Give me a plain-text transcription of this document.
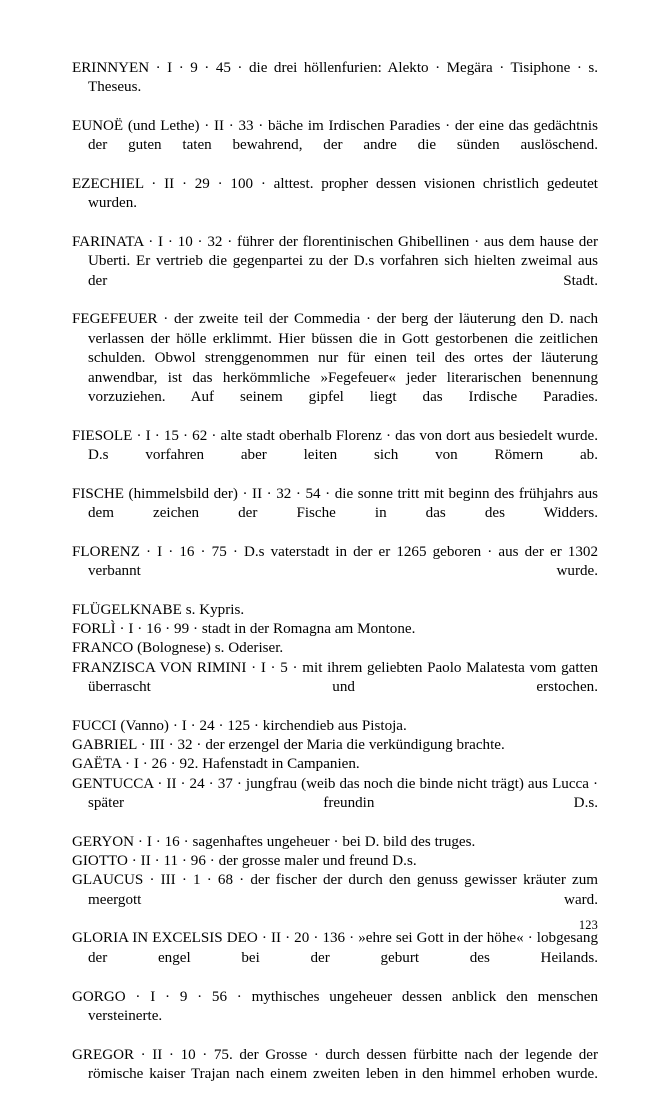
ERINNYEN · I · 9 · 45 · die drei höllenfurien: Alekto · Megära · Tisiphone · s. Theseus.

EUNOË (und Lethe) · II · 33 · bäche im Irdischen Paradies · der eine das gedächtnis der guten taten bewahrend, der andre die sünden auslöschend.

EZECHIEL · II · 29 · 100 · alttest. propher dessen visionen christlich gedeutet wurden.

FARINATA · I · 10 · 32 · führer der florentinischen Ghibellinen · aus dem hause der Uberti. Er vertrieb die gegenpartei zu der D.s vorfahren sich hielten zweimal aus der Stadt.

FEGEFEUER · der zweite teil der Commedia · der berg der läuterung den D. nach verlassen der hölle erklimmt. Hier büssen die in Gott gestorbenen die zeitlichen schulden. Obwol strenggenommen nur für einen teil des ortes der läuterung anwendbar, ist das herkömmliche »Fegefeuer« jeder literarischen benennung vorzuziehen. Auf seinem gipfel liegt das Irdische Paradies.

FIESOLE · I · 15 · 62 · alte stadt oberhalb Florenz · das von dort aus besiedelt wurde. D.s vorfahren aber leiten sich von Römern ab.

FISCHE (himmelsbild der) · II · 32 · 54 · die sonne tritt mit beginn des frühjahrs aus dem zeichen der Fische in das des Widders.

FLORENZ · I · 16 · 75 · D.s vaterstadt in der er 1265 geboren · aus der er 1302 verbannt wurde.

FLÜGELKNABE s. Kypris.

FORLÌ · I · 16 · 99 · stadt in der Romagna am Montone.

FRANCO (Bolognese) s. Oderiser.

FRANZISCA VON RIMINI · I · 5 · mit ihrem geliebten Paolo Malatesta vom gatten überrascht und erstochen.

FUCCI (Vanno) · I · 24 · 125 · kirchendieb aus Pistoja.

GABRIEL · III · 32 · der erzengel der Maria die verkündigung brachte.

GAËTA · I · 26 · 92. Hafenstadt in Campanien.

GENTUCCA · II · 24 · 37 · jungfrau (weib das noch die binde nicht trägt) aus Lucca · später freundin D.s.

GERYON · I · 16 · sagenhaftes ungeheuer · bei D. bild des truges.

GIOTTO · II · 11 · 96 · der grosse maler und freund D.s.

GLAUCUS · III · 1 · 68 · der fischer der durch den genuss gewisser kräuter zum meergott ward.

GLORIA IN EXCELSIS DEO · II · 20 · 136 · »ehre sei Gott in der höhe« · lobgesang der engel bei der geburt des Heilands.

GORGO · I · 9 · 56 · mythisches ungeheuer dessen anblick den menschen versteinerte.

GREGOR · II · 10 · 75. der Grosse · durch dessen fürbitte nach der legende der römische kaiser Trajan nach einem zweiten leben in den himmel erhoben wurde.

123
